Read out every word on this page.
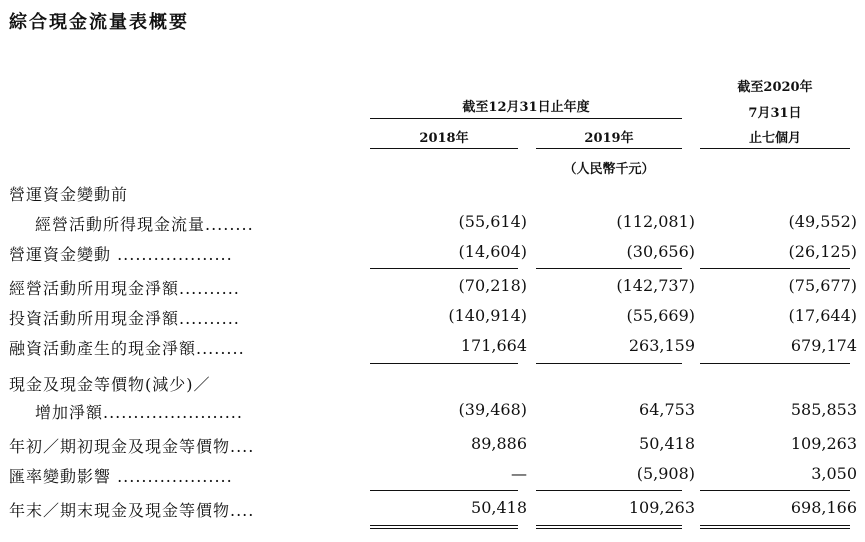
綜合現金流量表概要
截至2020年
7月31日
截至12月31日止年度
2018年	2019年	止七個月
（人民幣千元）
營運資金變動前
經營活動所得現金流量........	(55,614)	(112,081)	(49,552)
營運資金變動 ...................	(14,604)	(30,656)	(26,125)
經營活動所用現金淨額..........	(70,218)	(142,737)	(75,677)
投資活動所用現金淨額..........	(140,914)	(55,669)	(17,644)
融資活動產生的現金淨額........	171,664	263,159	679,174
現金及現金等價物(減少)／
增加淨額.......................	(39,468)	64,753	585,853
年初／期初現金及現金等價物....	89,886	50,418	109,263
匯率變動影響 ...................	—	(5,908)	3,050
年末／期末現金及現金等價物....	50,418	109,263	698,166
